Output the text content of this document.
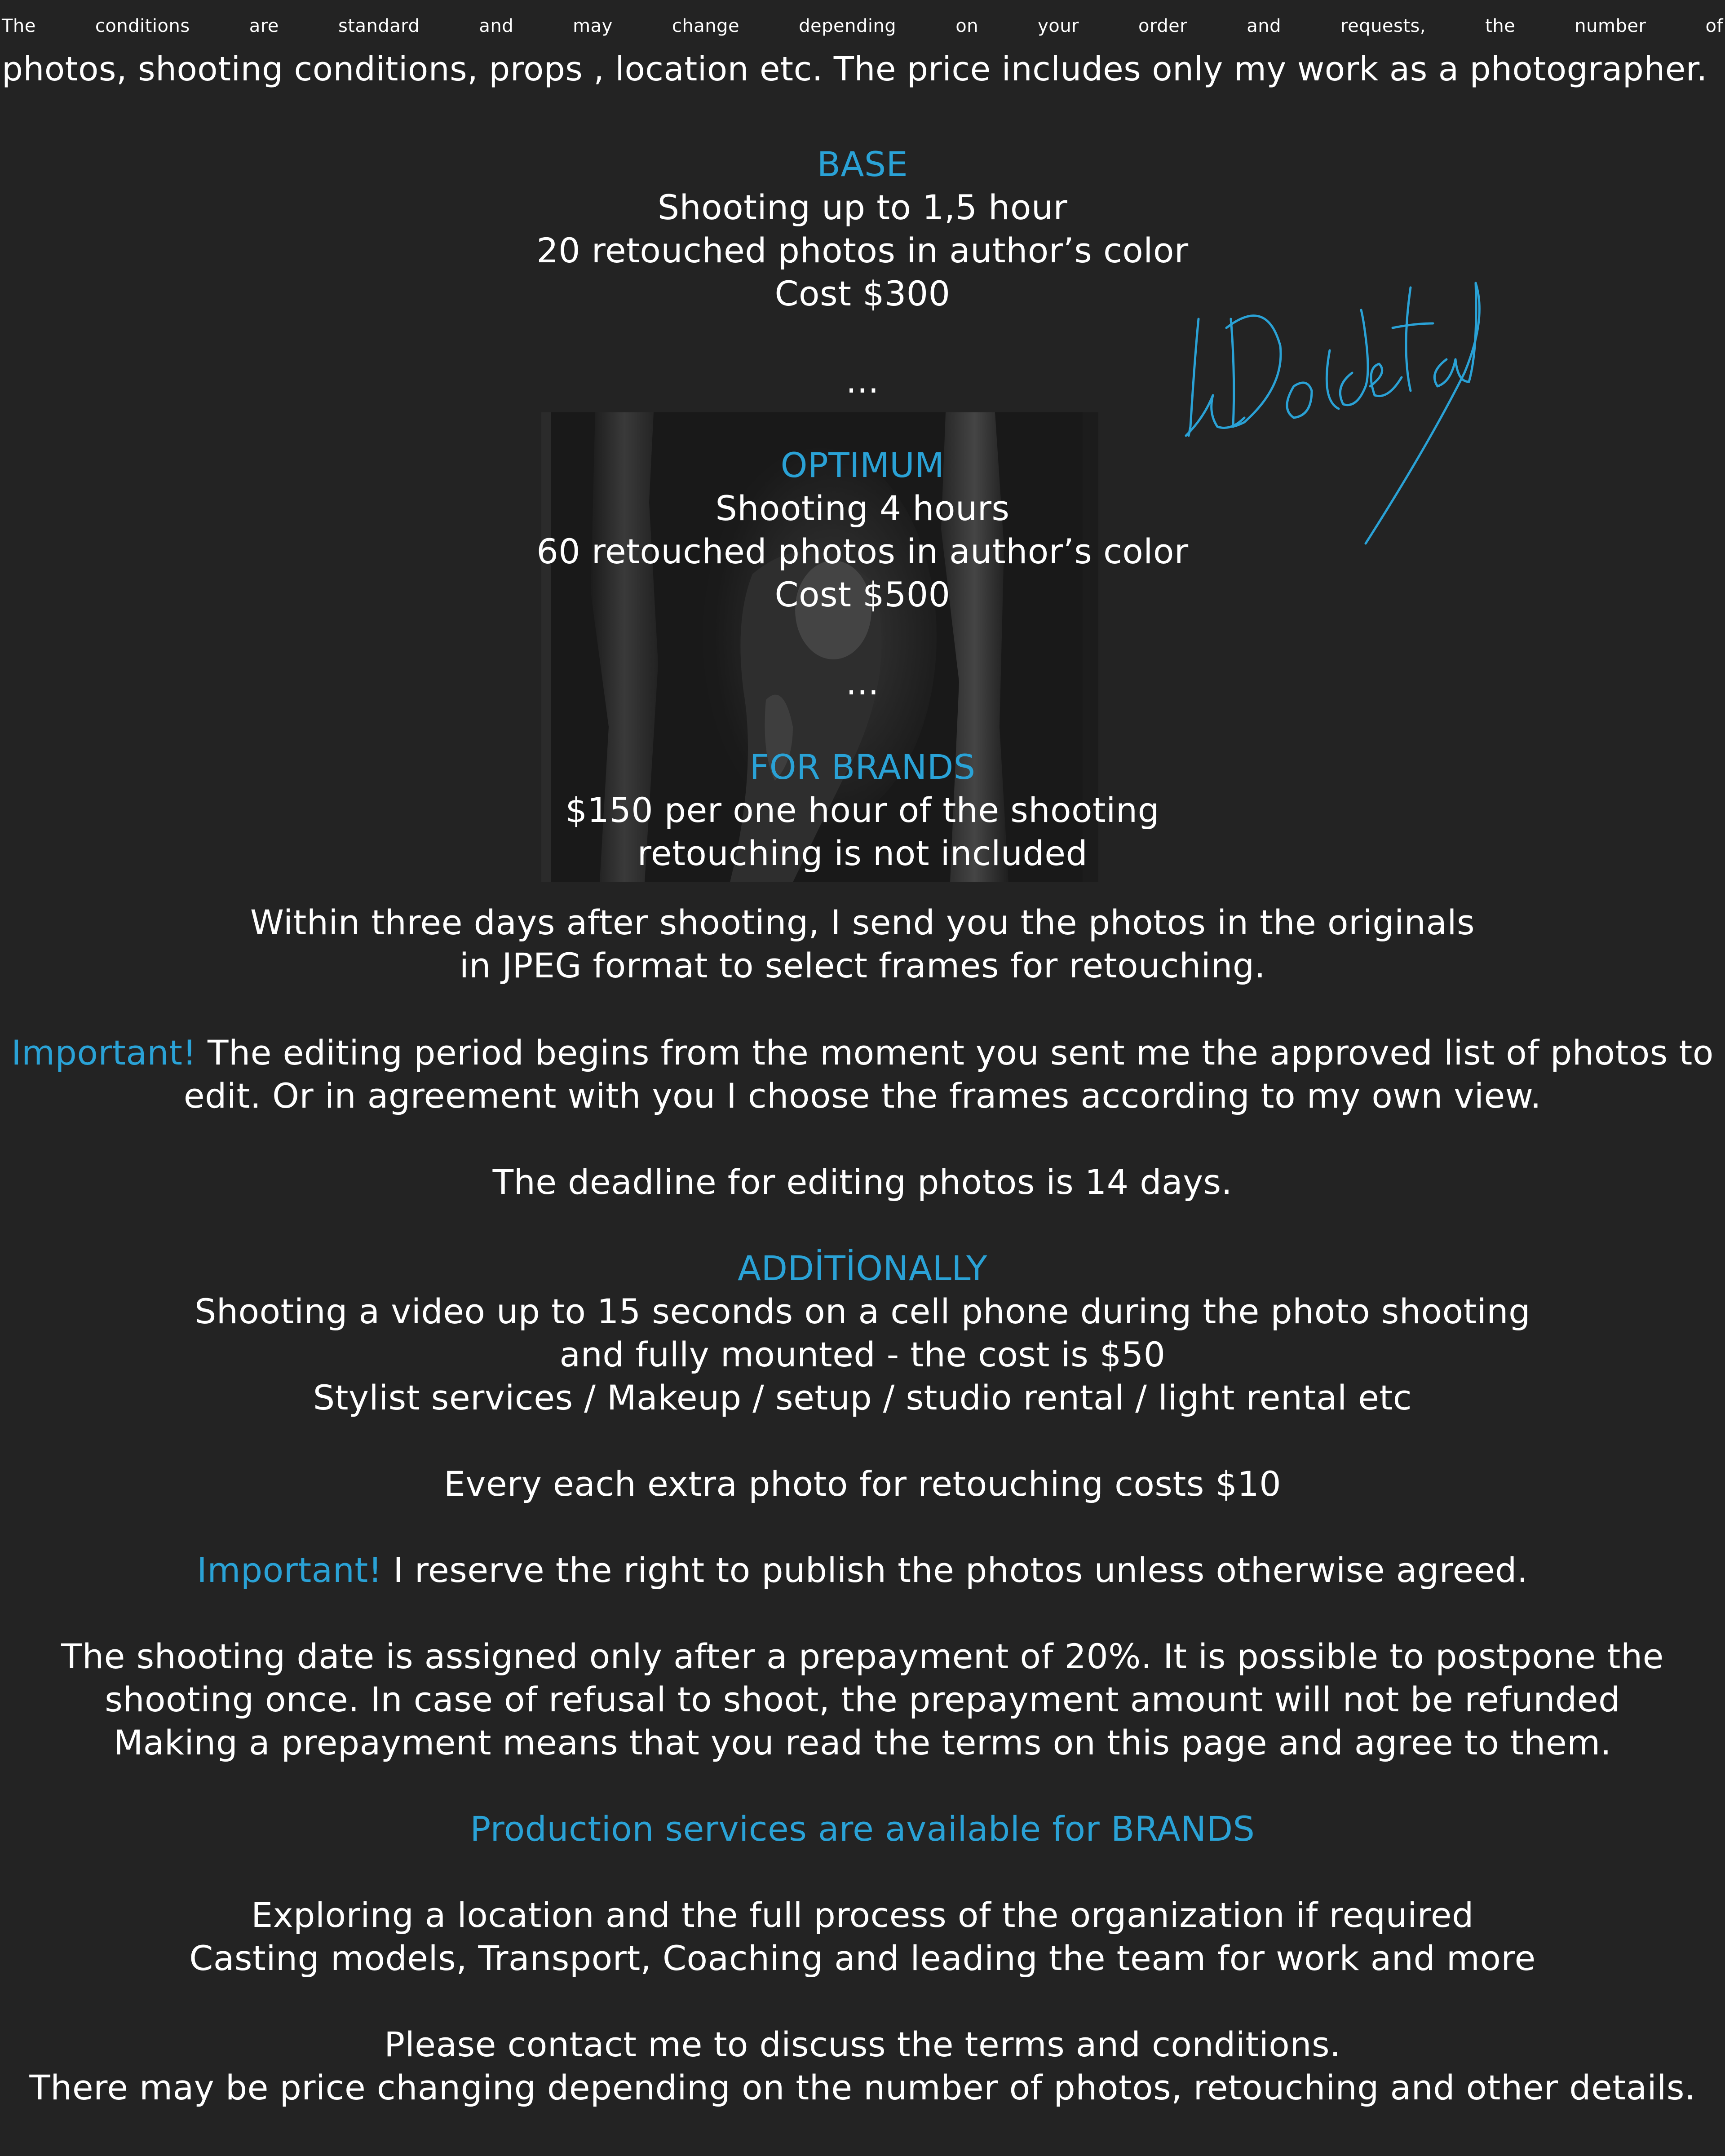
The conditions are standard and may change depending on your order and requests, the number of
photos, shooting conditions, props , location etc. The price includes only my work as a photographer.
BASE
Shooting up to 1,5 hour
20 retouched photos in author’s color
Cost $300
...
OPTIMUM
Shooting 4 hours
60 retouched photos in author’s color
Cost $500
...
FOR BRANDS
$150 per one hour of the shooting
retouching is not included
Within three days after shooting, I send you the photos in the originals
in JPEG format to select frames for retouching.
Important! The editing period begins from the moment you sent me the approved list of photos to
edit. Or in agreement with you I choose the frames according to my own view.
The deadline for editing photos is 14 days.
ADDİTİONALLY
Shooting a video up to 15 seconds on a cell phone during the photo shooting
and fully mounted - the cost is $50
Stylist services / Makeup / setup / studio rental / light rental etc
Every each extra photo for retouching costs $10
Important! I reserve the right to publish the photos unless otherwise agreed.
The shooting date is assigned only after a prepayment of 20%. It is possible to postpone the
shooting once. In case of refusal to shoot, the prepayment amount will not be refunded
Making a prepayment means that you read the terms on this page and agree to them.
Production services are available for BRANDS
Exploring a location and the full process of the organization if required
Casting models, Transport, Coaching and leading the team for work and more
Please contact me to discuss the terms and conditions.
There may be price changing depending on the number of photos, retouching and other details.
